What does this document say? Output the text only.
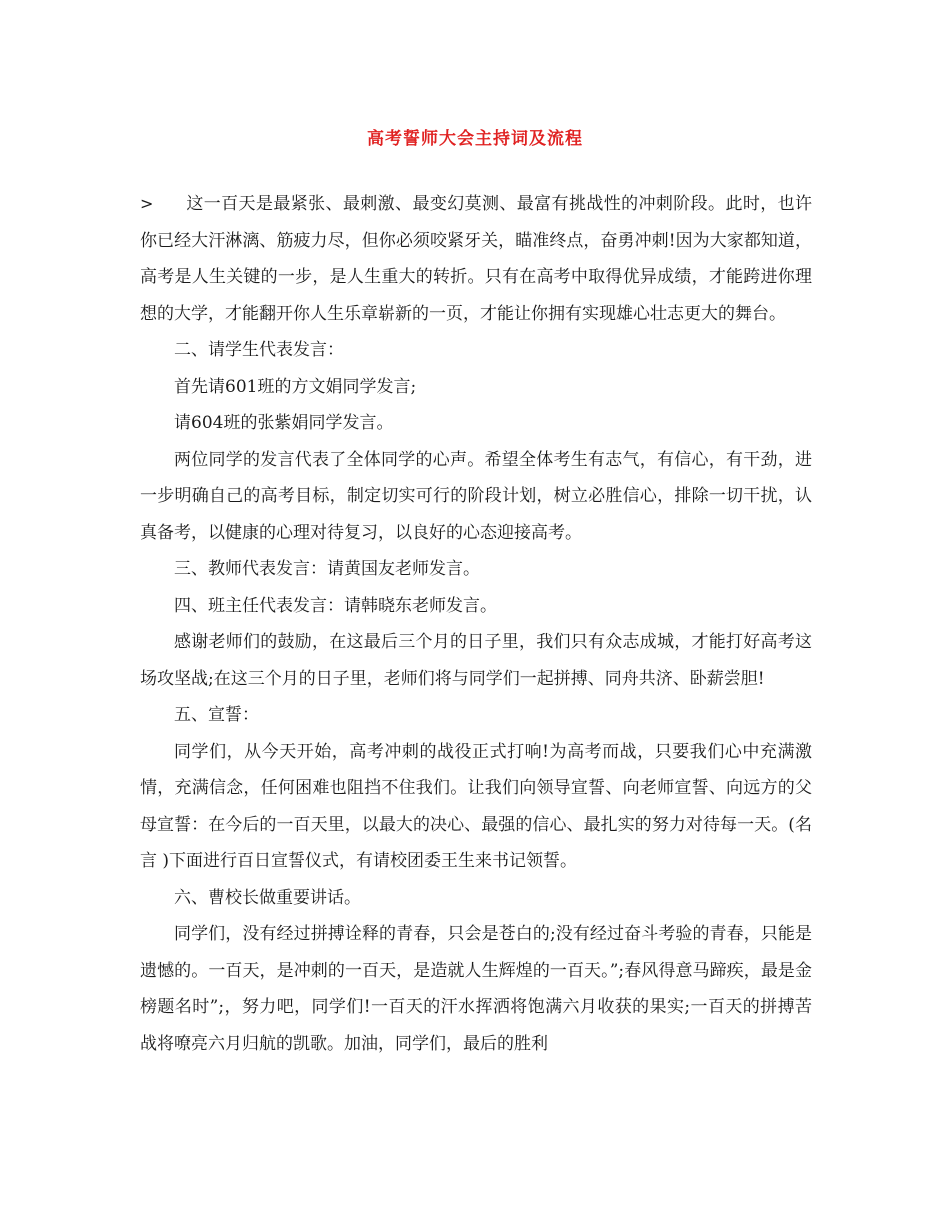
高考誓师大会主持词及流程

> 这一百天是最紧张、最刺激、最变幻莫测、最富有挑战性的冲刺阶段。此时，也许你已经大汗淋漓、筋疲力尽，但你必须咬紧牙关，瞄准终点，奋勇冲刺!因为大家都知道，高考是人生关键的一步，是人生重大的转折。只有在高考中取得优异成绩，才能跨进你理想的大学，才能翻开你人生乐章崭新的一页，才能让你拥有实现雄心壮志更大的舞台。

二、请学生代表发言：

首先请601班的方文娟同学发言;

请604班的张紫娟同学发言。

两位同学的发言代表了全体同学的心声。希望全体考生有志气，有信心，有干劲，进一步明确自己的高考目标，制定切实可行的阶段计划，树立必胜信心，排除一切干扰，认真备考，以健康的心理对待复习，以良好的心态迎接高考。

三、教师代表发言：请黄国友老师发言。

四、班主任代表发言：请韩晓东老师发言。

感谢老师们的鼓励，在这最后三个月的日子里，我们只有众志成城，才能打好高考这场攻坚战;在这三个月的日子里，老师们将与同学们一起拼搏、同舟共济、卧薪尝胆!

五、宣誓：

同学们，从今天开始，高考冲刺的战役正式打响!为高考而战，只要我们心中充满激情，充满信念，任何困难也阻挡不住我们。让我们向领导宣誓、向老师宣誓、向远方的父母宣誓：在今后的一百天里，以最大的决心、最强的信心、最扎实的努力对待每一天。(名言 )下面进行百日宣誓仪式，有请校团委王生来书记领誓。

六、曹校长做重要讲话。

同学们，没有经过拼搏诠释的青春，只会是苍白的;没有经过奋斗考验的青春，只能是遗憾的。一百天，是冲刺的一百天，是造就人生辉煌的一百天。”;春风得意马蹄疾，最是金榜题名时”;，努力吧，同学们!一百天的汗水挥洒将饱满六月收获的果实;一百天的拼搏苦战将嘹亮六月归航的凯歌。加油，同学们，最后的胜利
